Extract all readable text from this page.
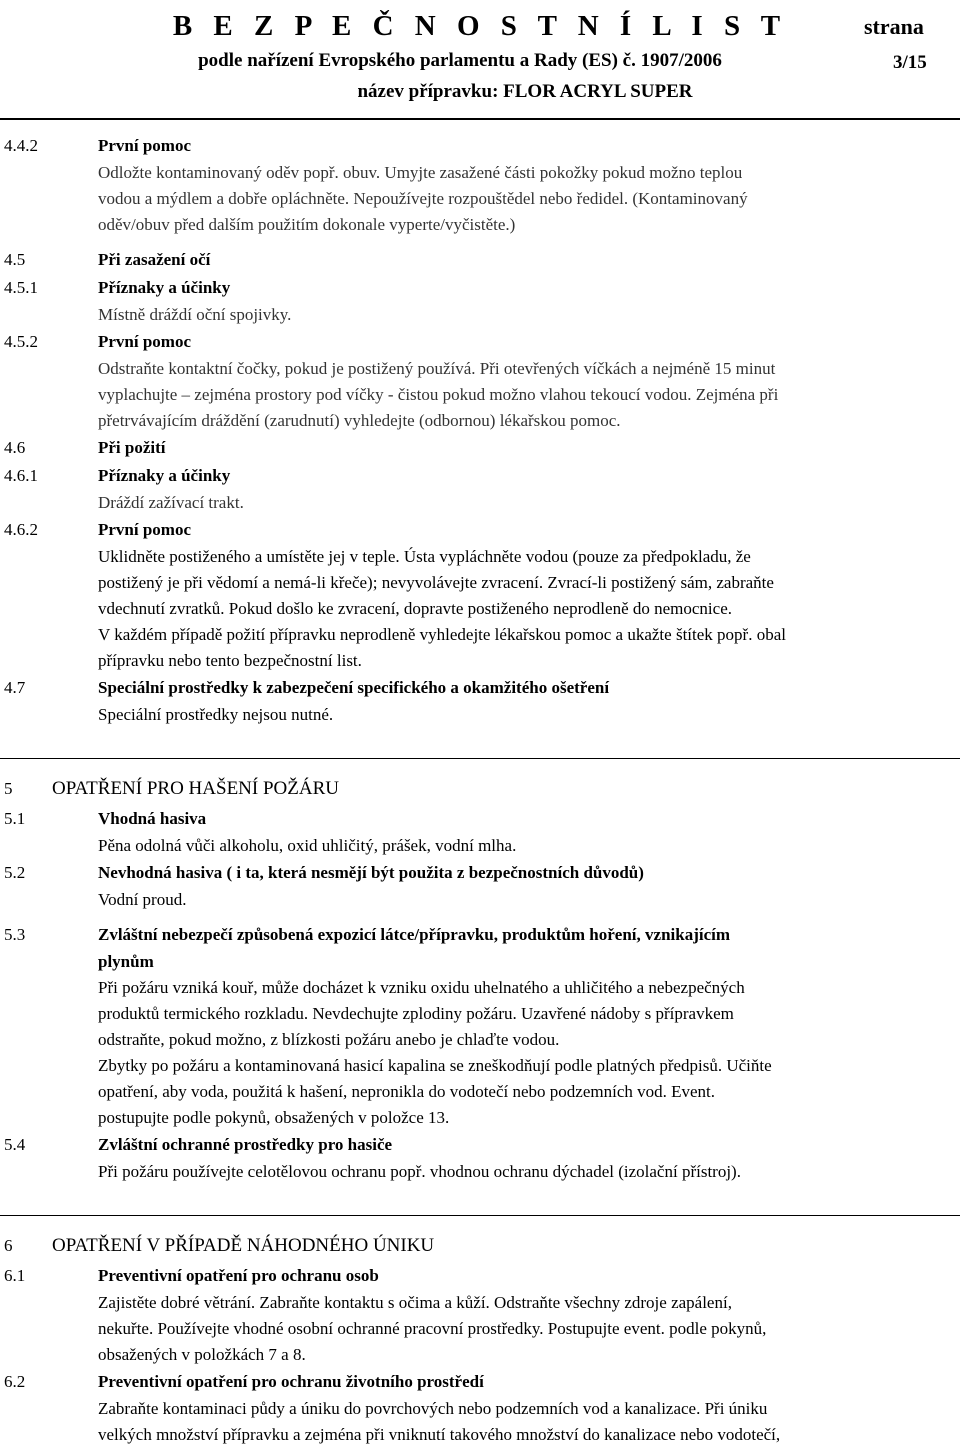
B E Z P E Č N O S T N Í L I S T	strana
podle nařízení Evropského parlamentu a Rady (ES) č. 1907/2006	3/15
název přípravku: FLOR ACRYL SUPER
4.4.2	První pomoc
Odložte kontaminovaný oděv popř. obuv. Umyjte zasažené části pokožky pokud možno teplou
vodou a mýdlem a dobře opláchněte. Nepoužívejte rozpouštědel nebo ředidel. (Kontaminovaný
oděv/obuv před dalším použitím dokonale vyperte/vyčistěte.)
4.5	Při zasažení očí
4.5.1	Příznaky a účinky
Místně dráždí oční spojivky.
4.5.2	První pomoc
Odstraňte kontaktní čočky, pokud je postižený používá. Při otevřených víčkách a nejméně 15 minut
vyplachujte – zejména prostory pod víčky - čistou pokud možno vlahou tekoucí vodou. Zejména při
přetrvávajícím dráždění (zarudnutí) vyhledejte (odbornou) lékařskou pomoc.
4.6	Při požití
4.6.1	Příznaky a účinky
Dráždí zažívací trakt.
4.6.2	První pomoc
Uklidněte postiženého a umístěte jej v teple. Ústa vypláchněte vodou (pouze za předpokladu, že
postižený je při vědomí a nemá-li křeče); nevyvolávejte zvracení. Zvrací-li postižený sám, zabraňte
vdechnutí zvratků. Pokud došlo ke zvracení, dopravte postiženého neprodleně do nemocnice.
V každém případě požití přípravku neprodleně vyhledejte lékařskou pomoc a ukažte štítek popř. obal
přípravku nebo tento bezpečnostní list.
4.7	Speciální prostředky k zabezpečení specifického a okamžitého ošetření
Speciální prostředky nejsou nutné.
5	OPATŘENÍ PRO HAŠENÍ POŽÁRU
5.1	Vhodná hasiva
Pěna odolná vůči alkoholu, oxid uhličitý, prášek, vodní mlha.
5.2	Nevhodná hasiva ( i ta, která nesmějí být použita z bezpečnostních důvodů)
Vodní proud.
5.3	Zvláštní nebezpečí způsobená expozicí látce/přípravku, produktům hoření, vznikajícím
plynům
Při požáru vzniká kouř, může docházet k vzniku oxidu uhelnatého a uhličitého a nebezpečných
produktů termického rozkladu. Nevdechujte zplodiny požáru. Uzavřené nádoby s přípravkem
odstraňte, pokud možno, z blízkosti požáru anebo je chlaďte vodou.
Zbytky po požáru a kontaminovaná hasicí kapalina se zneškodňují podle platných předpisů. Učiňte
opatření, aby voda, použitá k hašení, nepronikla do vodotečí nebo podzemních vod. Event.
postupujte podle pokynů, obsažených v položce 13.
5.4	Zvláštní ochranné prostředky pro hasiče
Při požáru používejte celotělovou ochranu popř. vhodnou ochranu dýchadel (izolační přístroj).
6	OPATŘENÍ V PŘÍPADĚ NÁHODNÉHO ÚNIKU
6.1	Preventivní opatření pro ochranu osob
Zajistěte dobré větrání. Zabraňte kontaktu s očima a kůží. Odstraňte všechny zdroje zapálení,
nekuřte. Používejte vhodné osobní ochranné pracovní prostředky. Postupujte event. podle pokynů,
obsažených v položkách 7 a 8.
6.2	Preventivní opatření pro ochranu životního prostředí
Zabraňte kontaminaci půdy a úniku do povrchových nebo podzemních vod a kanalizace. Při úniku
velkých množství přípravku a zejména při vniknutí takového množství do kanalizace nebo vodotečí,
